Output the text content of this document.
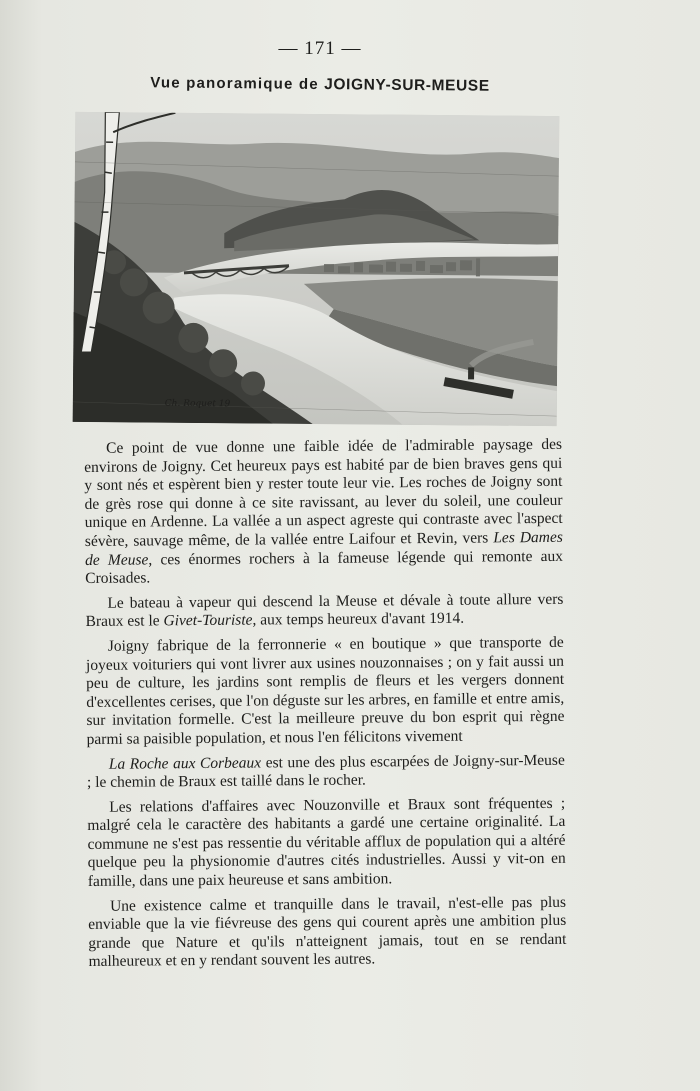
— 171 —
Vue panoramique de JOIGNY-SUR-MEUSE
Ch. Roquet 19

Ce point de vue donne une faible idée de l'admirable paysage des environs de Joigny. Cet heureux pays est habité par de bien braves gens qui y sont nés et espèrent bien y rester toute leur vie. Les roches de Joigny sont de grès rose qui donne à ce site ravissant, au lever du soleil, une couleur unique en Ardenne. La vallée a un aspect agreste qui contraste avec l'aspect sévère, sauvage même, de la vallée entre Laifour et Revin, vers Les Dames de Meuse, ces énormes rochers à la fameuse légende qui remonte aux Croisades.

Le bateau à vapeur qui descend la Meuse et dévale à toute allure vers Braux est le Givet-Touriste, aux temps heureux d'avant 1914.

Joigny fabrique de la ferronnerie « en boutique » que transporte de joyeux voituriers qui vont livrer aux usines nouzonnaises ; on y fait aussi un peu de culture, les jardins sont remplis de fleurs et les vergers donnent d'excellentes cerises, que l'on déguste sur les arbres, en famille et entre amis, sur invitation formelle. C'est la meilleure preuve du bon esprit qui règne parmi sa paisible population, et nous l'en félicitons vivement

La Roche aux Corbeaux est une des plus escarpées de Joigny-sur-Meuse ; le chemin de Braux est taillé dans le rocher.

Les relations d'affaires avec Nouzonville et Braux sont fréquentes ; malgré cela le caractère des habitants a gardé une certaine originalité. La commune ne s'est pas ressentie du véritable afflux de population qui a altéré quelque peu la physionomie d'autres cités industrielles. Aussi y vit-on en famille, dans une paix heureuse et sans ambition.

Une existence calme et tranquille dans le travail, n'est-elle pas plus enviable que la vie fiévreuse des gens qui courent après une ambition plus grande que Nature et qu'ils n'atteignent jamais, tout en se rendant malheureux et en y rendant souvent les autres.
